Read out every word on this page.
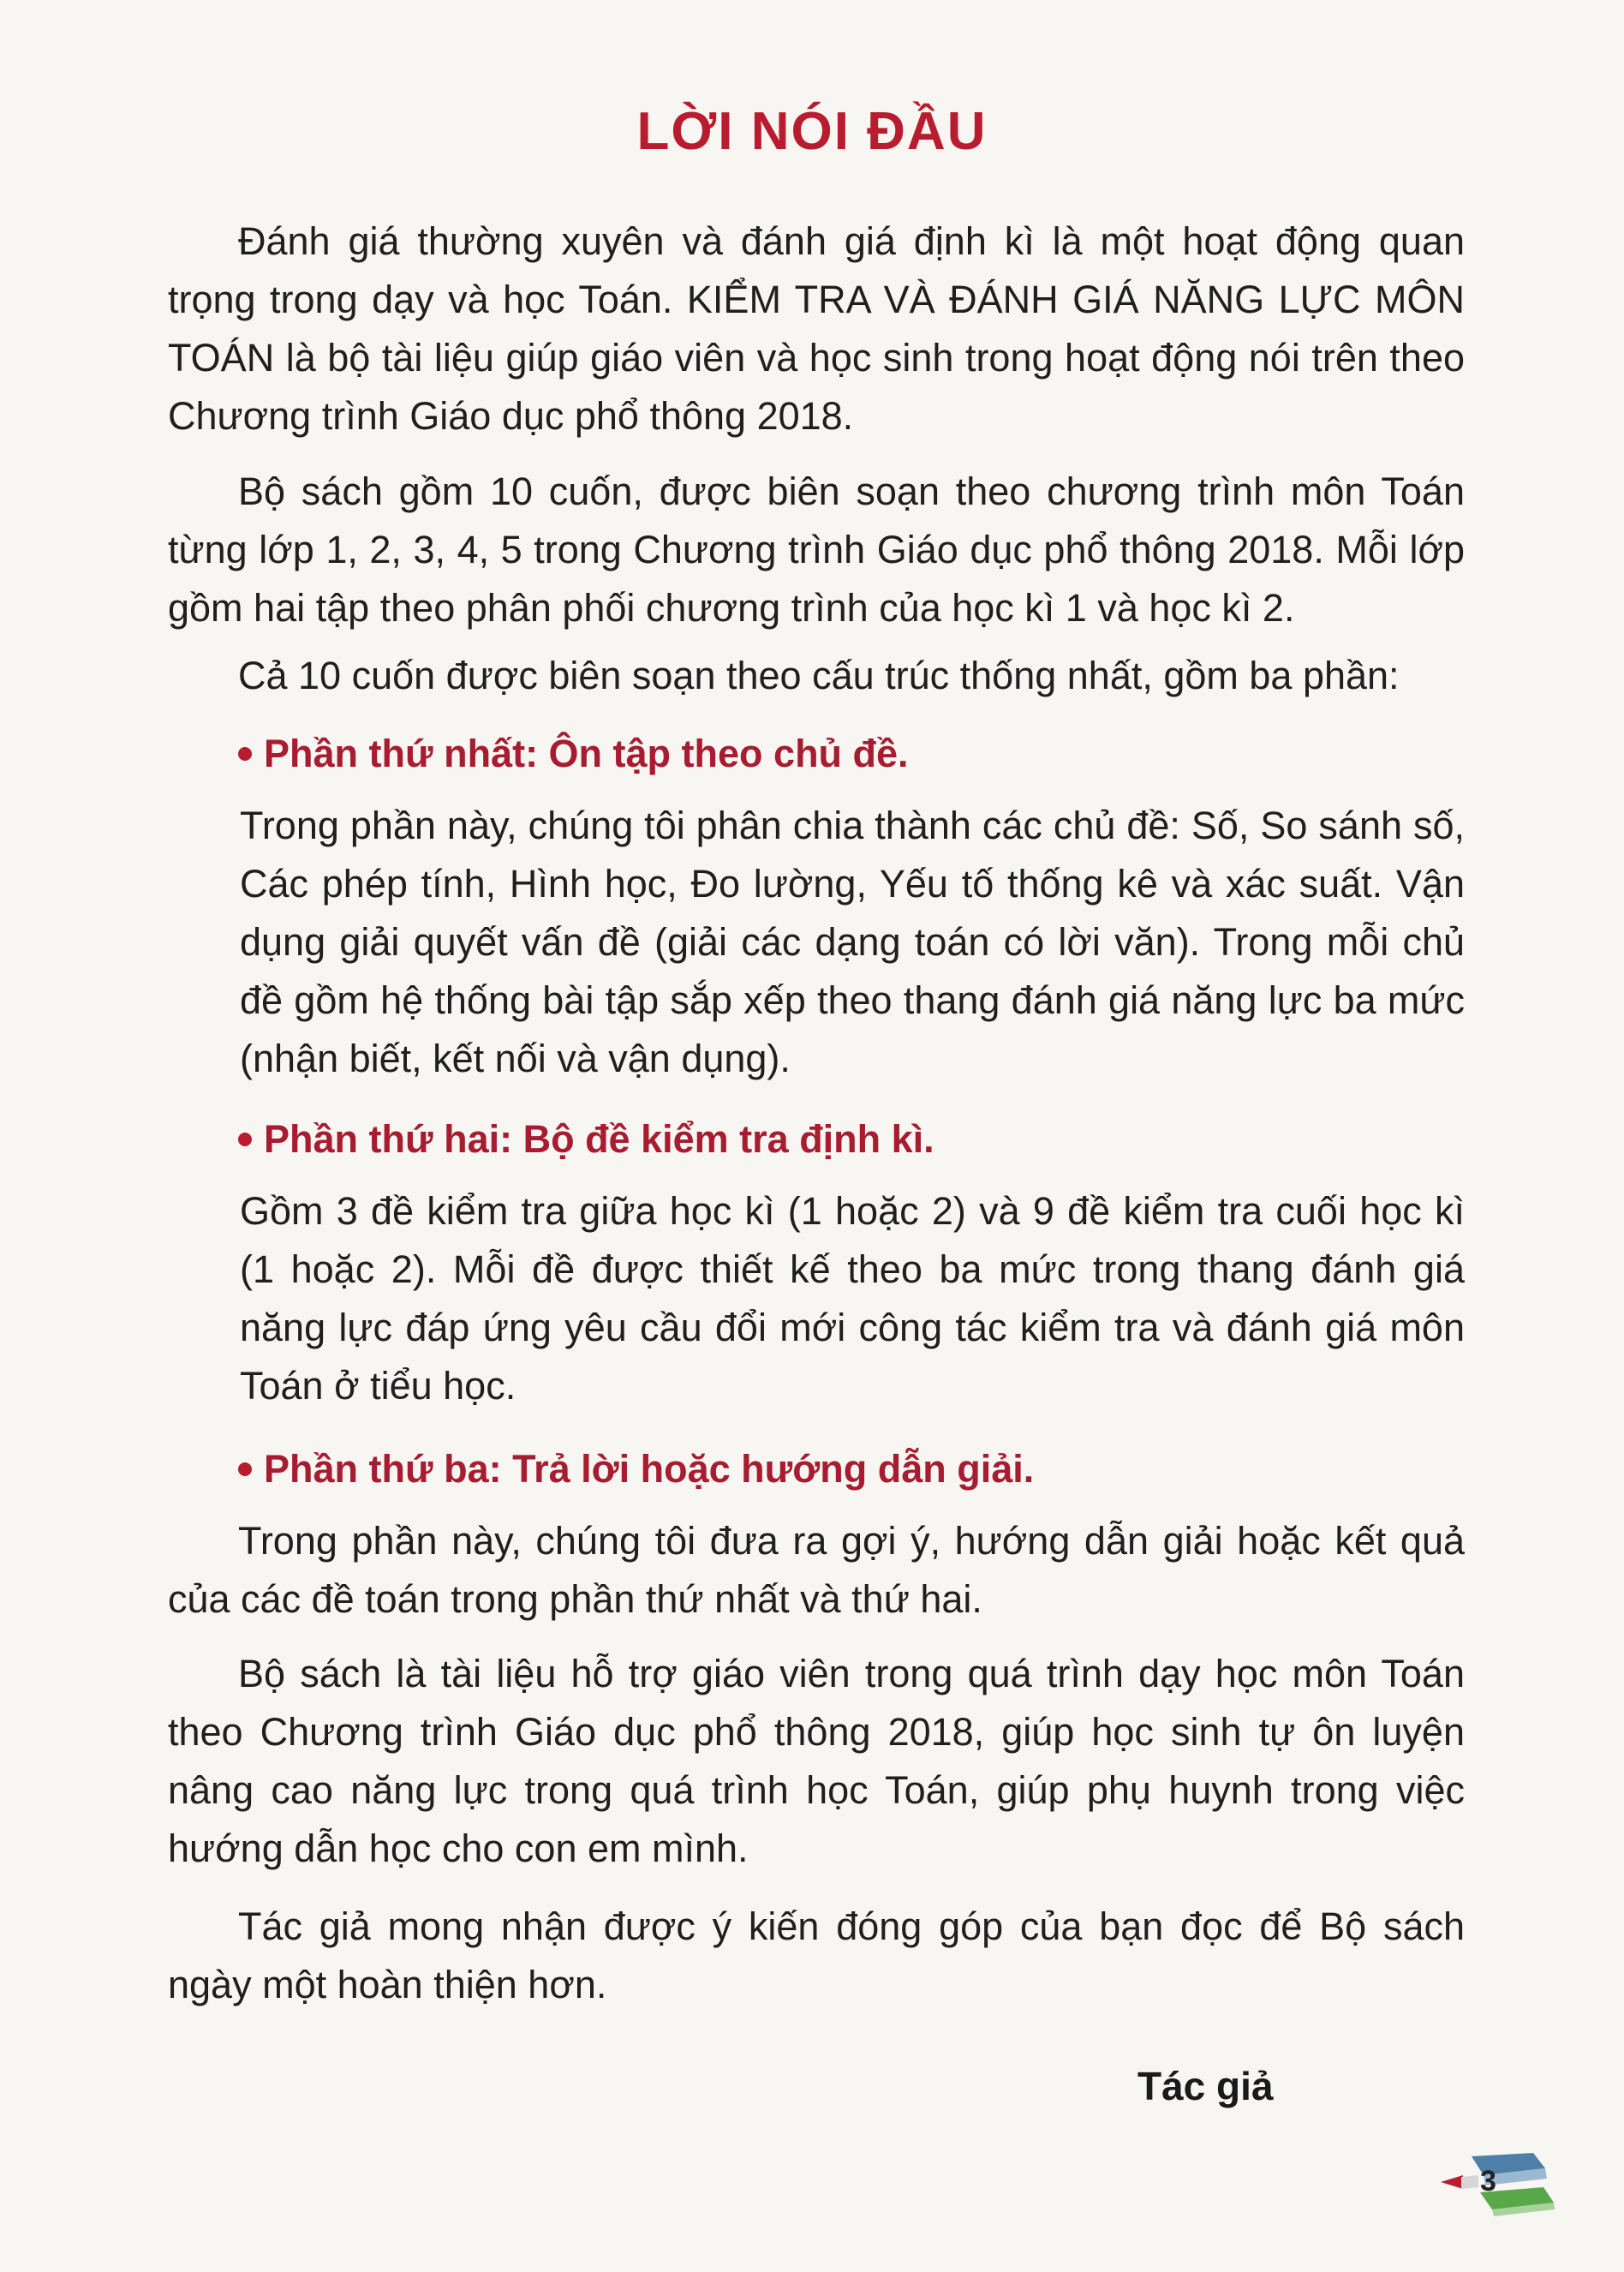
LỜI NÓI ĐẦU

Đánh giá thường xuyên và đánh giá định kì là một hoạt động quan trọng trong dạy và học Toán. KIỂM TRA VÀ ĐÁNH GIÁ NĂNG LỰC MÔN TOÁN là bộ tài liệu giúp giáo viên và học sinh trong hoạt động nói trên theo Chương trình Giáo dục phổ thông 2018.

Bộ sách gồm 10 cuốn, được biên soạn theo chương trình môn Toán từng lớp 1, 2, 3, 4, 5 trong Chương trình Giáo dục phổ thông 2018. Mỗi lớp gồm hai tập theo phân phối chương trình của học kì 1 và học kì 2.

Cả 10 cuốn được biên soạn theo cấu trúc thống nhất, gồm ba phần:

Phần thứ nhất: Ôn tập theo chủ đề.

Trong phần này, chúng tôi phân chia thành các chủ đề: Số, So sánh số, Các phép tính, Hình học, Đo lường, Yếu tố thống kê và xác suất. Vận dụng giải quyết vấn đề (giải các dạng toán có lời văn). Trong mỗi chủ đề gồm hệ thống bài tập sắp xếp theo thang đánh giá năng lực ba mức (nhận biết, kết nối và vận dụng).

Phần thứ hai: Bộ đề kiểm tra định kì.

Gồm 3 đề kiểm tra giữa học kì (1 hoặc 2) và 9 đề kiểm tra cuối học kì (1 hoặc 2). Mỗi đề được thiết kế theo ba mức trong thang đánh giá năng lực đáp ứng yêu cầu đổi mới công tác kiểm tra và đánh giá môn Toán ở tiểu học.

Phần thứ ba: Trả lời hoặc hướng dẫn giải.

Trong phần này, chúng tôi đưa ra gợi ý, hướng dẫn giải hoặc kết quả của các đề toán trong phần thứ nhất và thứ hai.

Bộ sách là tài liệu hỗ trợ giáo viên trong quá trình dạy học môn Toán theo Chương trình Giáo dục phổ thông 2018, giúp học sinh tự ôn luyện nâng cao năng lực trong quá trình học Toán, giúp phụ huynh trong việc hướng dẫn học cho con em mình.

Tác giả mong nhận được ý kiến đóng góp của bạn đọc để Bộ sách ngày một hoàn thiện hơn.

Tác giả
3
